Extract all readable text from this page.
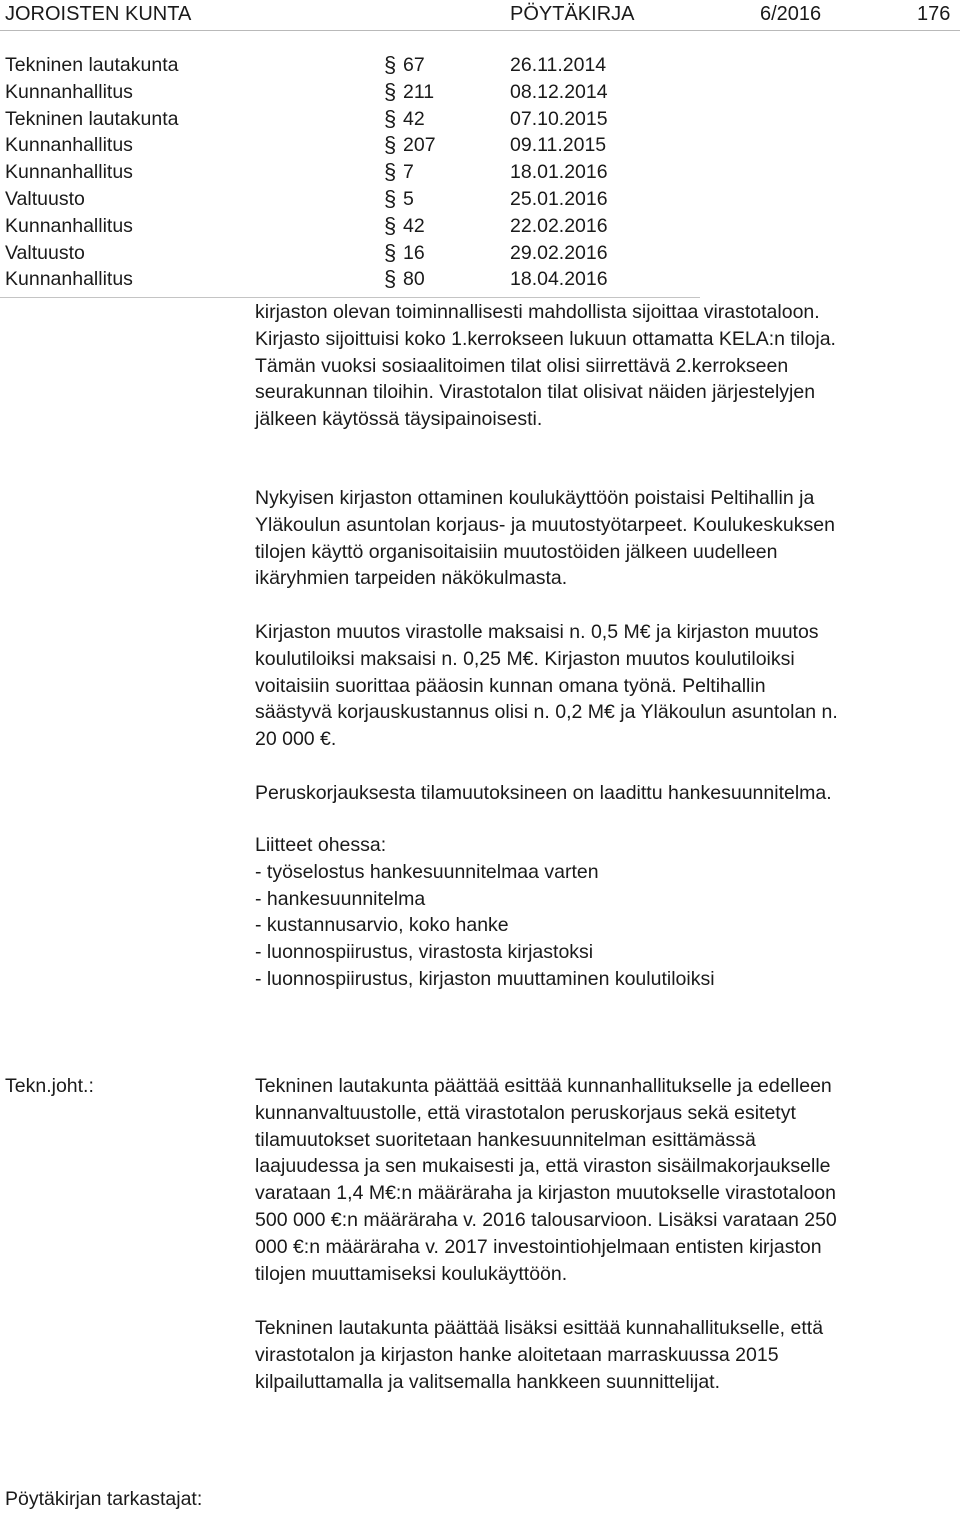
JOROISTEN KUNTA	PÖYTÄKIRJA	6/2016	176
Tekninen lautakunta	§ 67	26.11.2014
Kunnanhallitus	§ 211	08.12.2014
Tekninen lautakunta	§ 42	07.10.2015
Kunnanhallitus	§ 207	09.11.2015
Kunnanhallitus	§ 7	18.01.2016
Valtuusto	§ 5	25.01.2016
Kunnanhallitus	§ 42	22.02.2016
Valtuusto	§ 16	29.02.2016
Kunnanhallitus	§ 80	18.04.2016
kirjaston olevan toiminnallisesti mahdollista sijoittaa virastotaloon.
Kirjasto sijoittuisi koko 1.kerrokseen lukuun ottamatta KELA:n tiloja.
Tämän vuoksi sosiaalitoimen tilat olisi siirrettävä 2.kerrokseen
seurakunnan tiloihin. Virastotalon tilat olisivat näiden järjestelyjen
jälkeen käytössä täysipainoisesti.
Nykyisen kirjaston ottaminen koulukäyttöön poistaisi Peltihallin ja
Yläkoulun asuntolan korjaus- ja muutostyötarpeet. Koulukeskuksen
tilojen käyttö organisoitaisiin muutostöiden jälkeen uudelleen
ikäryhmien tarpeiden näkökulmasta.
Kirjaston muutos virastolle maksaisi n. 0,5 M€ ja kirjaston muutos
koulutiloiksi maksaisi n. 0,25 M€. Kirjaston muutos koulutiloiksi
voitaisiin suorittaa pääosin kunnan omana työnä. Peltihallin
säästyvä korjauskustannus olisi n. 0,2 M€ ja Yläkoulun asuntolan n.
20 000 €.
Peruskorjauksesta tilamuutoksineen on laadittu hankesuunnitelma.
Liitteet ohessa:
- työselostus hankesuunnitelmaa varten
- hankesuunnitelma
- kustannusarvio, koko hanke
- luonnospiirustus, virastosta kirjastoksi
- luonnospiirustus, kirjaston muuttaminen koulutiloiksi
Tekn.joht.:	Tekninen lautakunta päättää esittää kunnanhallitukselle ja edelleen
kunnanvaltuustolle, että virastotalon peruskorjaus sekä esitetyt
tilamuutokset suoritetaan hankesuunnitelman esittämässä
laajuudessa ja sen mukaisesti ja, että viraston sisäilmakorjaukselle
varataan 1,4 M€:n määräraha ja kirjaston muutokselle virastotaloon
500 000 €:n määräraha v. 2016 talousarvioon. Lisäksi varataan 250
000 €:n määräraha v. 2017 investointiohjelmaan entisten kirjaston
tilojen muuttamiseksi koulukäyttöön.
Tekninen lautakunta päättää lisäksi esittää kunnahallitukselle, että
virastotalon ja kirjaston hanke aloitetaan marraskuussa 2015
kilpailuttamalla ja valitsemalla hankkeen suunnittelijat.
Pöytäkirjan tarkastajat:
